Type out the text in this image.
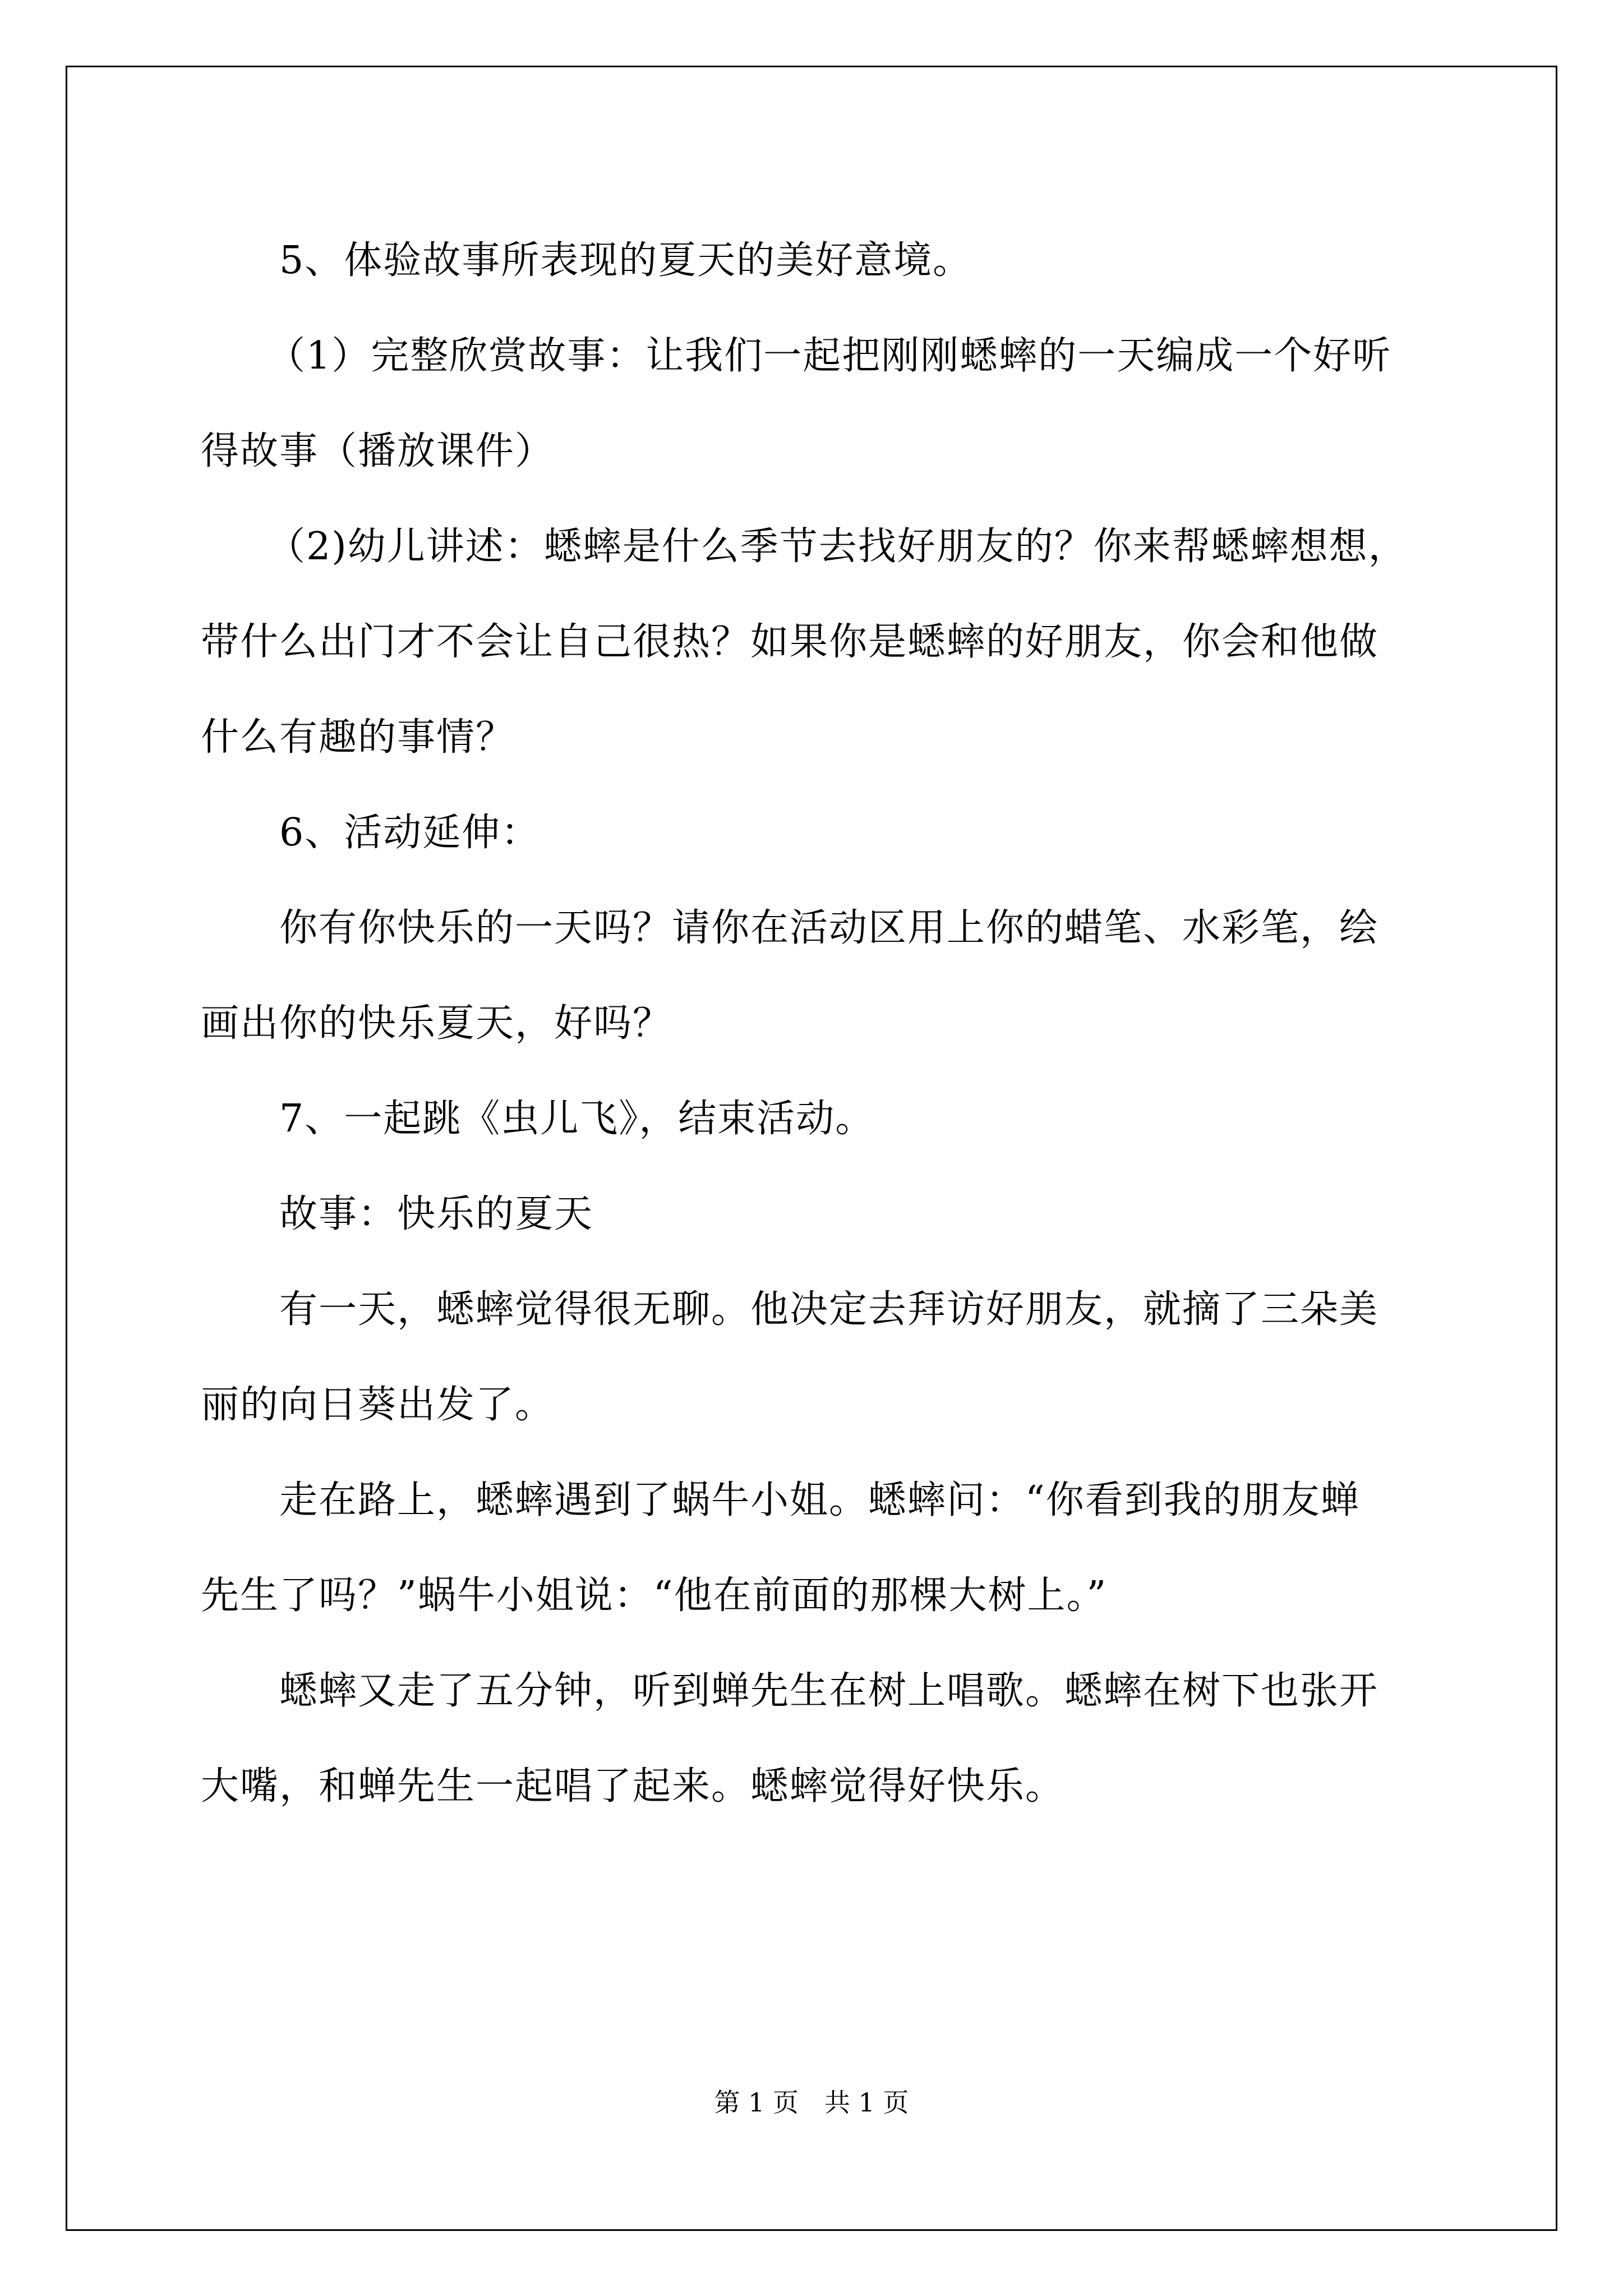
5、体验故事所表现的夏天的美好意境。

（1）完整欣赏故事：让我们一起把刚刚蟋蟀的一天编成一个好听

得故事（播放课件）

（2)幼儿讲述：蟋蟀是什么季节去找好朋友的？你来帮蟋蟀想想，

带什么出门才不会让自己很热？如果你是蟋蟀的好朋友，你会和他做

什么有趣的事情？

6、活动延伸：

你有你快乐的一天吗？请你在活动区用上你的蜡笔、水彩笔，绘

画出你的快乐夏天，好吗？

7、一起跳《虫儿飞》，结束活动。

故事：快乐的夏天

有一天，蟋蟀觉得很无聊。他决定去拜访好朋友，就摘了三朵美

丽的向日葵出发了。

走在路上，蟋蟀遇到了蜗牛小姐。蟋蟀问：“你看到我的朋友蝉

先生了吗？”蜗牛小姐说：“他在前面的那棵大树上。”

蟋蟀又走了五分钟，听到蝉先生在树上唱歌。蟋蟀在树下也张开

大嘴，和蝉先生一起唱了起来。蟋蟀觉得好快乐。

第 1 页　共 1 页
